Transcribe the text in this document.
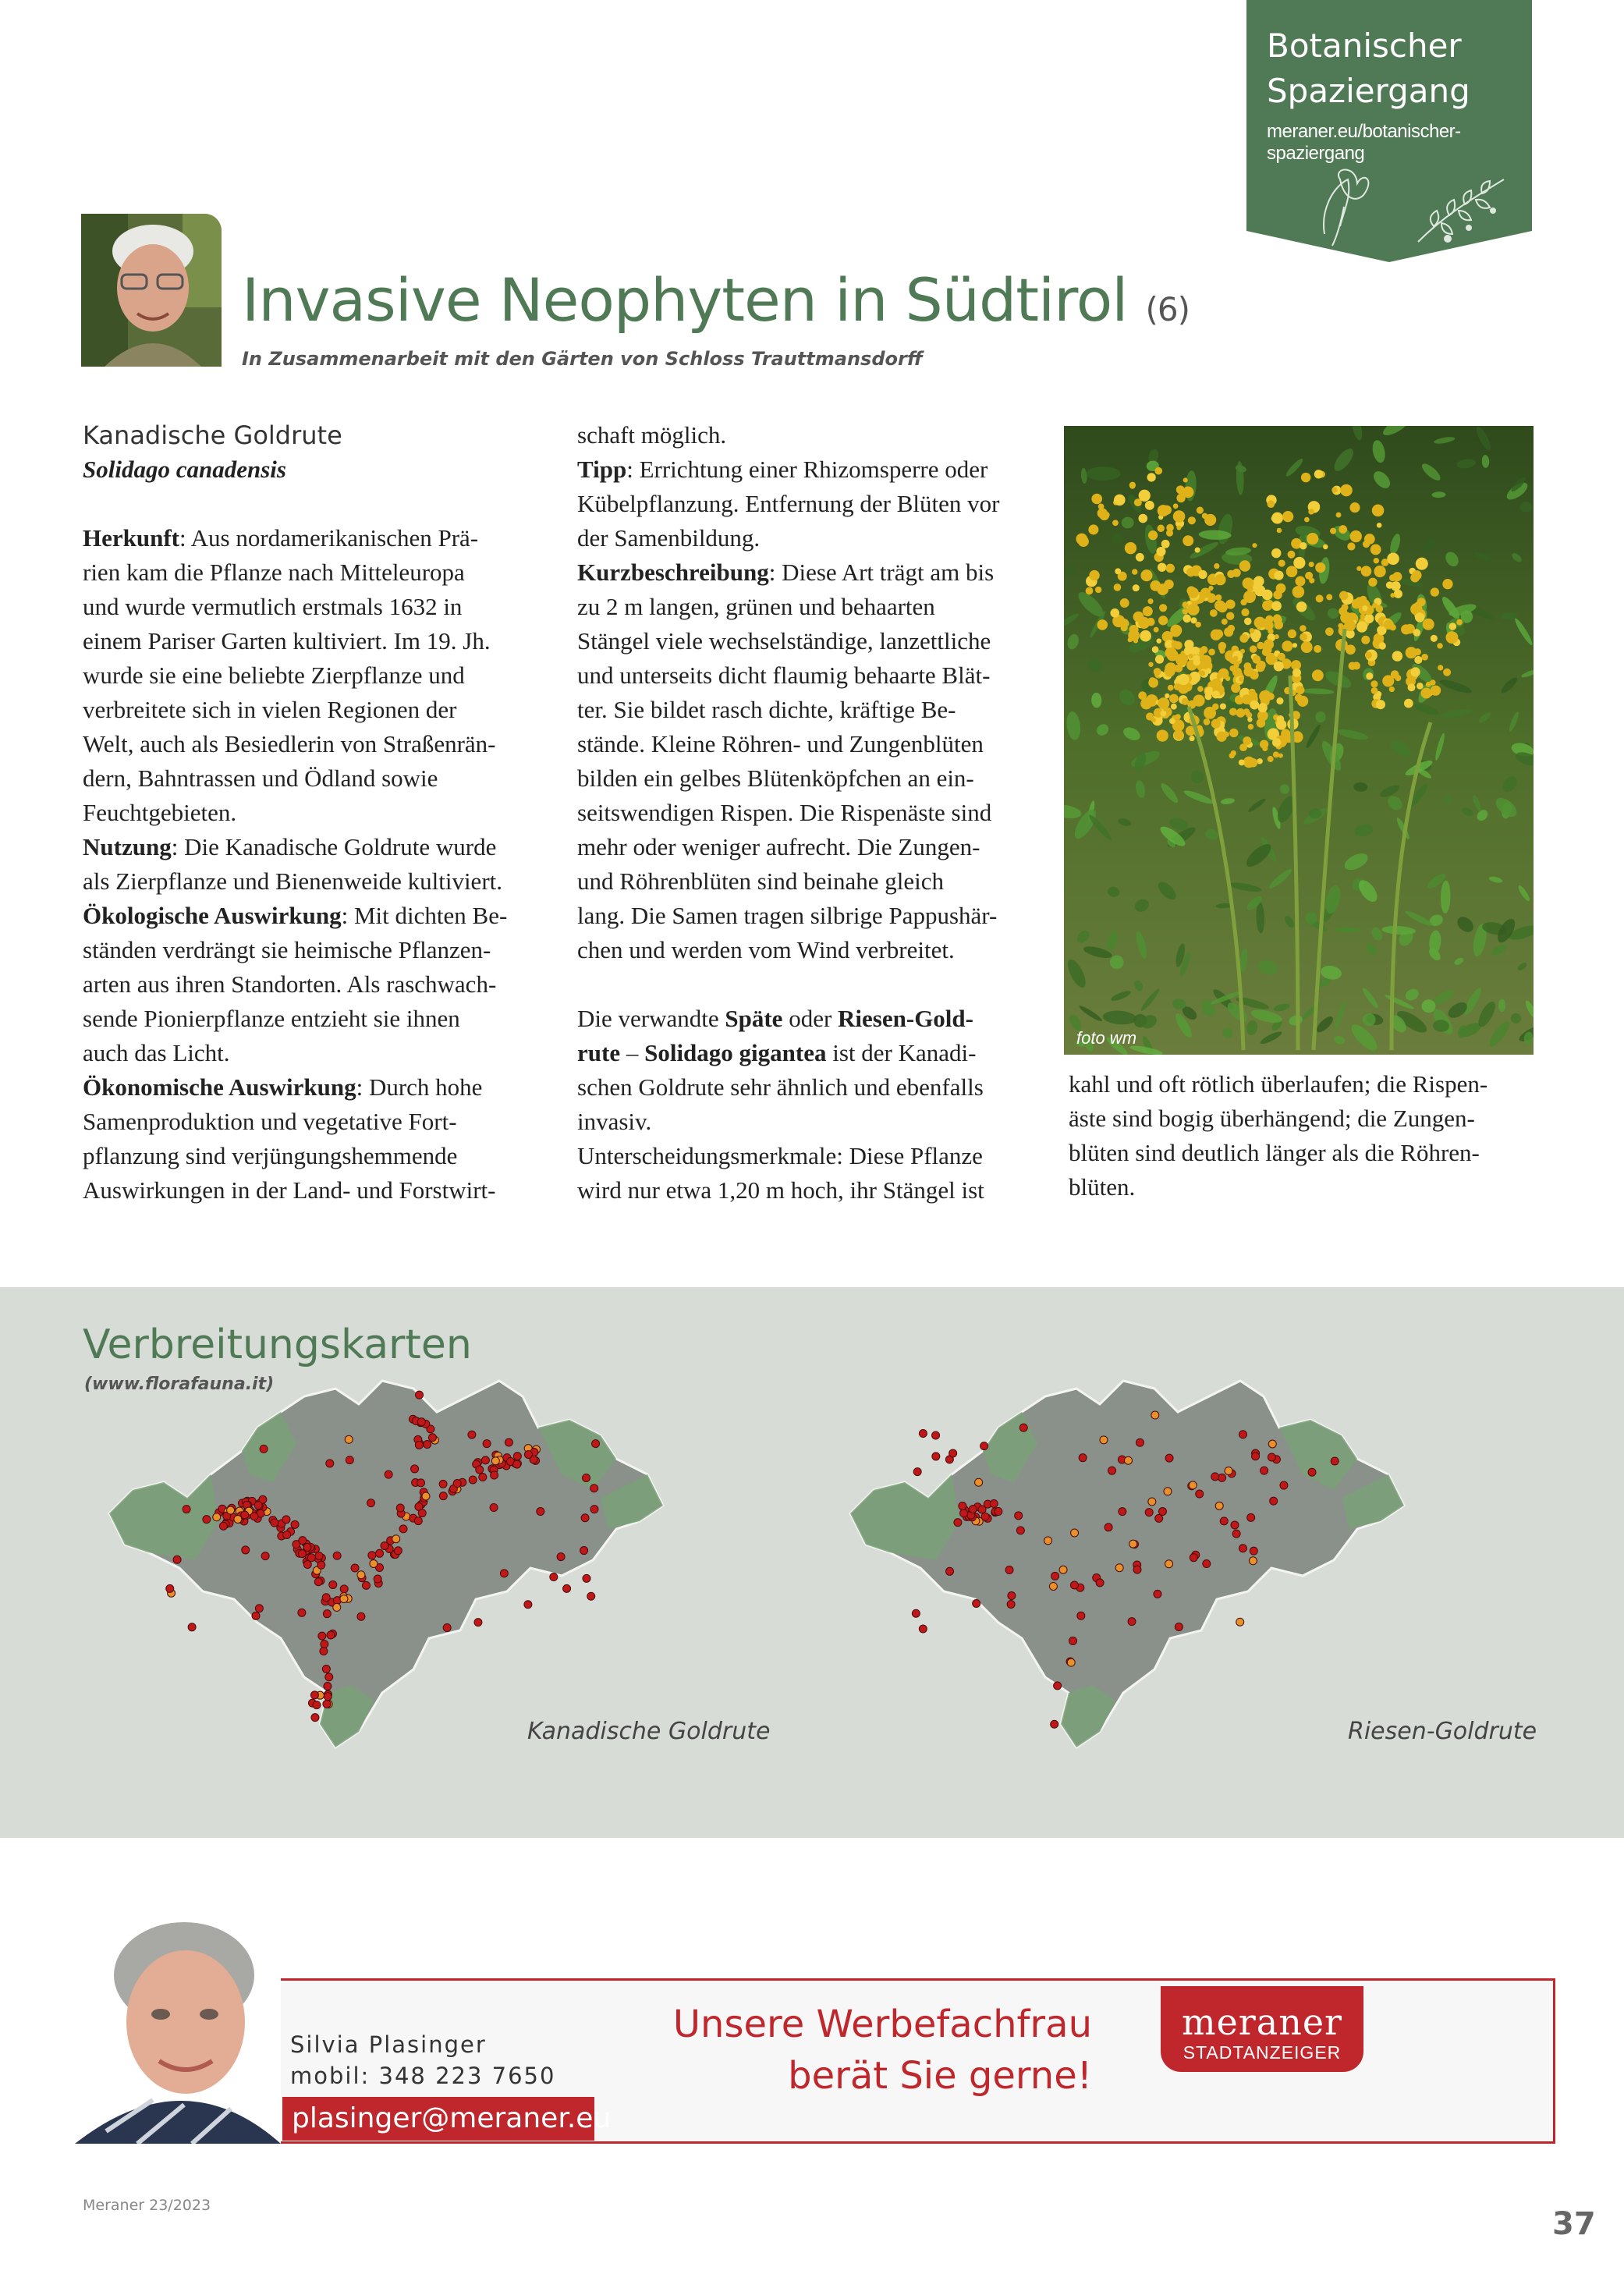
Botanischer
Spaziergang
meraner.eu/botanischer-spaziergang
Invasive Neophyten in Südtirol (6)
In Zusammenarbeit mit den Gärten von Schloss Trauttmansdorff
Kanadische Goldrute
Solidago canadensis
Herkunft: Aus nordamerikanischen Prä-
rien kam die Pflanze nach Mitteleuropa
und wurde vermutlich erstmals 1632 in
einem Pariser Garten kultiviert. Im 19. Jh.
wurde sie eine beliebte Zierpflanze und
verbreitete sich in vielen Regionen der
Welt, auch als Besiedlerin von Straßenrän-
dern, Bahntrassen und Ödland sowie
Feuchtgebieten.
Nutzung: Die Kanadische Goldrute wurde
als Zierpflanze und Bienenweide kultiviert.
Ökologische Auswirkung: Mit dichten Be-
ständen verdrängt sie heimische Pflanzen-
arten aus ihren Standorten. Als raschwach-
sende Pionierpflanze entzieht sie ihnen
auch das Licht.
Ökonomische Auswirkung: Durch hohe
Samenproduktion und vegetative Fort-
pflanzung sind verjüngungshemmende
Auswirkungen in der Land- und Forstwirt-
schaft möglich.
Tipp: Errichtung einer Rhizomsperre oder
Kübelpflanzung. Entfernung der Blüten vor
der Samenbildung.
Kurzbeschreibung: Diese Art trägt am bis
zu 2 m langen, grünen und behaarten
Stängel viele wechselständige, lanzettliche
und unterseits dicht flaumig behaarte Blät-
ter. Sie bildet rasch dichte, kräftige Be-
stände. Kleine Röhren- und Zungenblüten
bilden ein gelbes Blütenköpfchen an ein-
seitswendigen Rispen. Die Rispenäste sind
mehr oder weniger aufrecht. Die Zungen-
und Röhrenblüten sind beinahe gleich
lang. Die Samen tragen silbrige Pappushär-
chen und werden vom Wind verbreitet.
Die verwandte Späte oder Riesen-Gold-
rute – Solidago gigantea ist der Kanadi-
schen Goldrute sehr ähnlich und ebenfalls
invasiv.
Unterscheidungsmerkmale: Diese Pflanze
wird nur etwa 1,20 m hoch, ihr Stängel ist
foto wm
kahl und oft rötlich überlaufen; die Rispen-
äste sind bogig überhängend; die Zungen-
blüten sind deutlich länger als die Röhren-
blüten.
Verbreitungskarten
(www.florafauna.it)
Kanadische Goldrute	Riesen-Goldrute
Silvia Plasinger
mobil: 348 223 7650
plasinger@meraner.eu
Unsere Werbefachfrau
berät Sie gerne!
meraner
STADTANZEIGER
Meraner 23/2023
37
